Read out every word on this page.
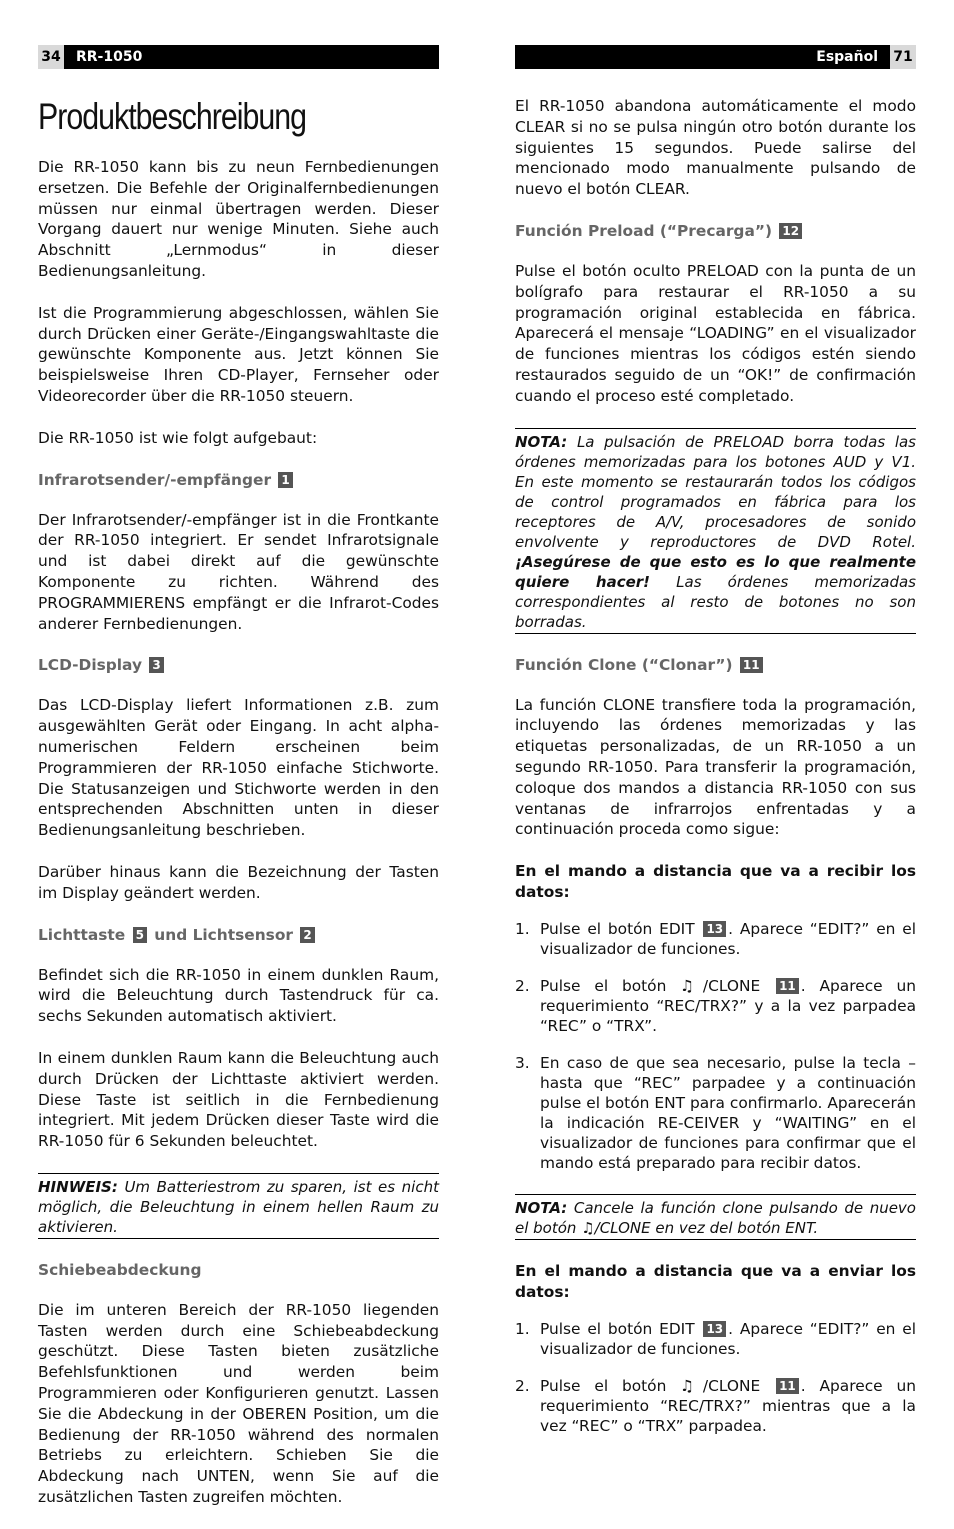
34 RR-1050	Español 71
Produktbeschreibung

Die RR-1050 kann bis zu neun Fernbedienungen ersetzen. Die Befehle der Originalfernbedienungen müssen nur einmal übertragen werden. Dieser Vorgang dauert nur wenige Minuten. Siehe auch Abschnitt „Lernmodus“ in dieser Bedienungsanleitung.

Ist die Programmierung abgeschlossen, wählen Sie durch Drücken einer Geräte-/Eingangswahltaste die gewünschte Komponente aus. Jetzt können Sie beispielsweise Ihren CD-Player, Fernseher oder Videorecorder über die RR-1050 steuern.

Die RR-1050 ist wie folgt aufgebaut:

Infrarotsender/-empfänger 1

Der Infrarotsender/-empfänger ist in die Frontkante der RR-1050 integriert. Er sendet Infrarotsignale und ist dabei direkt auf die gewünschte Komponente zu richten. Während des PROGRAMMIERENS empfängt er die Infrarot-Codes anderer Fernbedienungen.

LCD-Display 3

Das LCD-Display liefert Informationen z.B. zum ausgewählten Gerät oder Eingang. In acht alpha-numerischen Feldern erscheinen beim Programmieren der RR-1050 einfache Stichworte. Die Statusanzeigen und Stichworte werden in den entsprechenden Abschnitten unten in dieser Bedienungsanleitung beschrieben.

Darüber hinaus kann die Bezeichnung der Tasten im Display geändert werden.

Lichttaste 5 und Lichtsensor 2

Befindet sich die RR-1050 in einem dunklen Raum, wird die Beleuchtung durch Tastendruck für ca. sechs Sekunden automatisch aktiviert.

In einem dunklen Raum kann die Beleuchtung auch durch Drücken der Lichttaste aktiviert werden. Diese Taste ist seitlich in die Fernbedienung integriert. Mit jedem Drücken dieser Taste wird die RR-1050 für 6 Sekunden beleuchtet.

HINWEIS: Um Batteriestrom zu sparen, ist es nicht möglich, die Beleuchtung in einem hellen Raum zu aktivieren.
Schiebeabdeckung

Die im unteren Bereich der RR-1050 liegenden Tasten werden durch eine Schiebeabdeckung geschützt. Diese Tasten bieten zusätzliche Befehlsfunktionen und werden beim Programmieren oder Konfigurieren genutzt. Lassen Sie die Abdeckung in der OBEREN Position, um die Bedienung der RR-1050 während des normalen Betriebs zu erleichtern. Schieben Sie die Abdeckung nach UNTEN, wenn Sie auf die zusätzlichen Tasten zugreifen möchten.

El RR-1050 abandona automáticamente el modo CLEAR si no se pulsa ningún otro botón durante los siguientes 15 segundos. Puede salirse del mencionado modo manualmente pulsando de nuevo el botón CLEAR.

Función Preload (“Precarga”) 12

Pulse el botón oculto PRELOAD con la punta de un bolígrafo para restaurar el RR-1050 a su programación original establecida en fábrica. Aparecerá el mensaje “LOADING” en el visualizador de funciones mientras los códigos estén siendo restaurados seguido de un “OK!” de confirmación cuando el proceso esté completado.

NOTA: La pulsación de PRELOAD borra todas las órdenes memorizadas para los botones AUD y V1. En este momento se restaurarán todos los códigos de control programados en fábrica para los receptores de A/V, procesadores de sonido envolvente y reproductores de DVD Rotel. ¡Asegúrese de que esto es lo que realmente quiere hacer! Las órdenes memorizadas correspondientes al resto de botones no son borradas.
Función Clone (“Clonar”) 11

La función CLONE transfiere toda la programación, incluyendo las órdenes memorizadas y las etiquetas personalizadas, de un RR-1050 a un segundo RR-1050. Para transferir la programación, coloque dos mandos a distancia RR-1050 con sus ventanas de infrarrojos enfrentadas y a continuación proceda como sigue:

En el mando a distancia que va a recibir los datos:
1. Pulse el botón EDIT 13 . Aparece “EDIT?” en el visualizador de funciones.
2. Pulse el botón ♫/CLONE 11 . Aparece un requerimiento “REC/TRX?” y a la vez parpadea “REC” o “TRX”.
3. En caso de que sea necesario, pulse la tecla – hasta que “REC” parpadee y a continuación pulse el botón ENT para confirmarlo. Aparecerán la indicación RE-CEIVER y “WAITING” en el visualizador de funciones para confirmar que el mando está preparado para recibir datos.
NOTA: Cancele la función clone pulsando de nuevo el botón ♫/CLONE en vez del botón ENT.
En el mando a distancia que va a enviar los datos:
1. Pulse el botón EDIT 13 . Aparece “EDIT?” en el visualizador de funciones.
2. Pulse el botón ♫/CLONE 11 . Aparece un requerimiento “REC/TRX?” mientras que a la vez “REC” o “TRX” parpadea.
